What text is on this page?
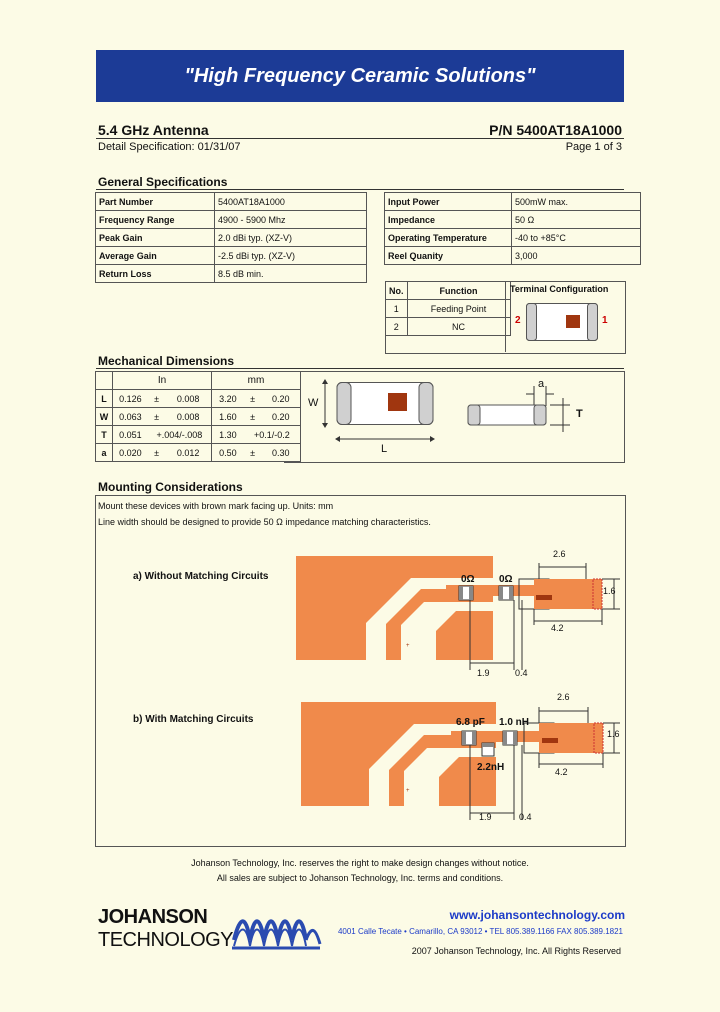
"High Frequency Ceramic Solutions"
5.4 GHz Antenna	P/N 5400AT18A1000
Detail Specification: 01/31/07	Page 1 of 3
General Specifications
Part Number	5400AT18A1000
Frequency Range	4900 - 5900 Mhz
Peak Gain	2.0 dBi typ. (XZ-V)
Average Gain	-2.5 dBi typ. (XZ-V)
Return Loss	8.5 dB min.
Input Power	500mW max.
Impedance	50 Ω
Operating Temperature	-40 to +85°C
Reel Quanity	3,000
No.	Function
1	Feeding Point
2	NC
Terminal Configuration
2	1
Mechanical Dimensions
	In			mm		
L	0.126	±	0.008	3.20	±	0.20
W	0.063	±	0.008	1.60	±	0.20
T	0.051	+.004/-.008		1.30	+0.1/-0.2	
a	0.020	±	0.012	0.50	±	0.30
W
L
a
T
Mounting Considerations
Mount these devices with brown mark facing up. Units: mm
Line width should be designed to provide 50 Ω impedance matching characteristics.
a) Without Matching Circuits
+
0Ω 0Ω
2.6
1.6
4.2
1.9	0.4
b) With Matching Circuits
+
6.8 pF 1.0 nH
2.2nH
2.6
1.6
4.2
1.9	0.4
Johanson Technology, Inc. reserves the right to make design changes without notice.
All sales are subject to Johanson Technology, Inc. terms and conditions.
JOHANSON
TECHNOLOGY
www.johansontechnology.com
4001 Calle Tecate • Camarillo, CA 93012 • TEL 805.389.1166 FAX 805.389.1821
2007 Johanson Technology, Inc. All Rights Reserved
